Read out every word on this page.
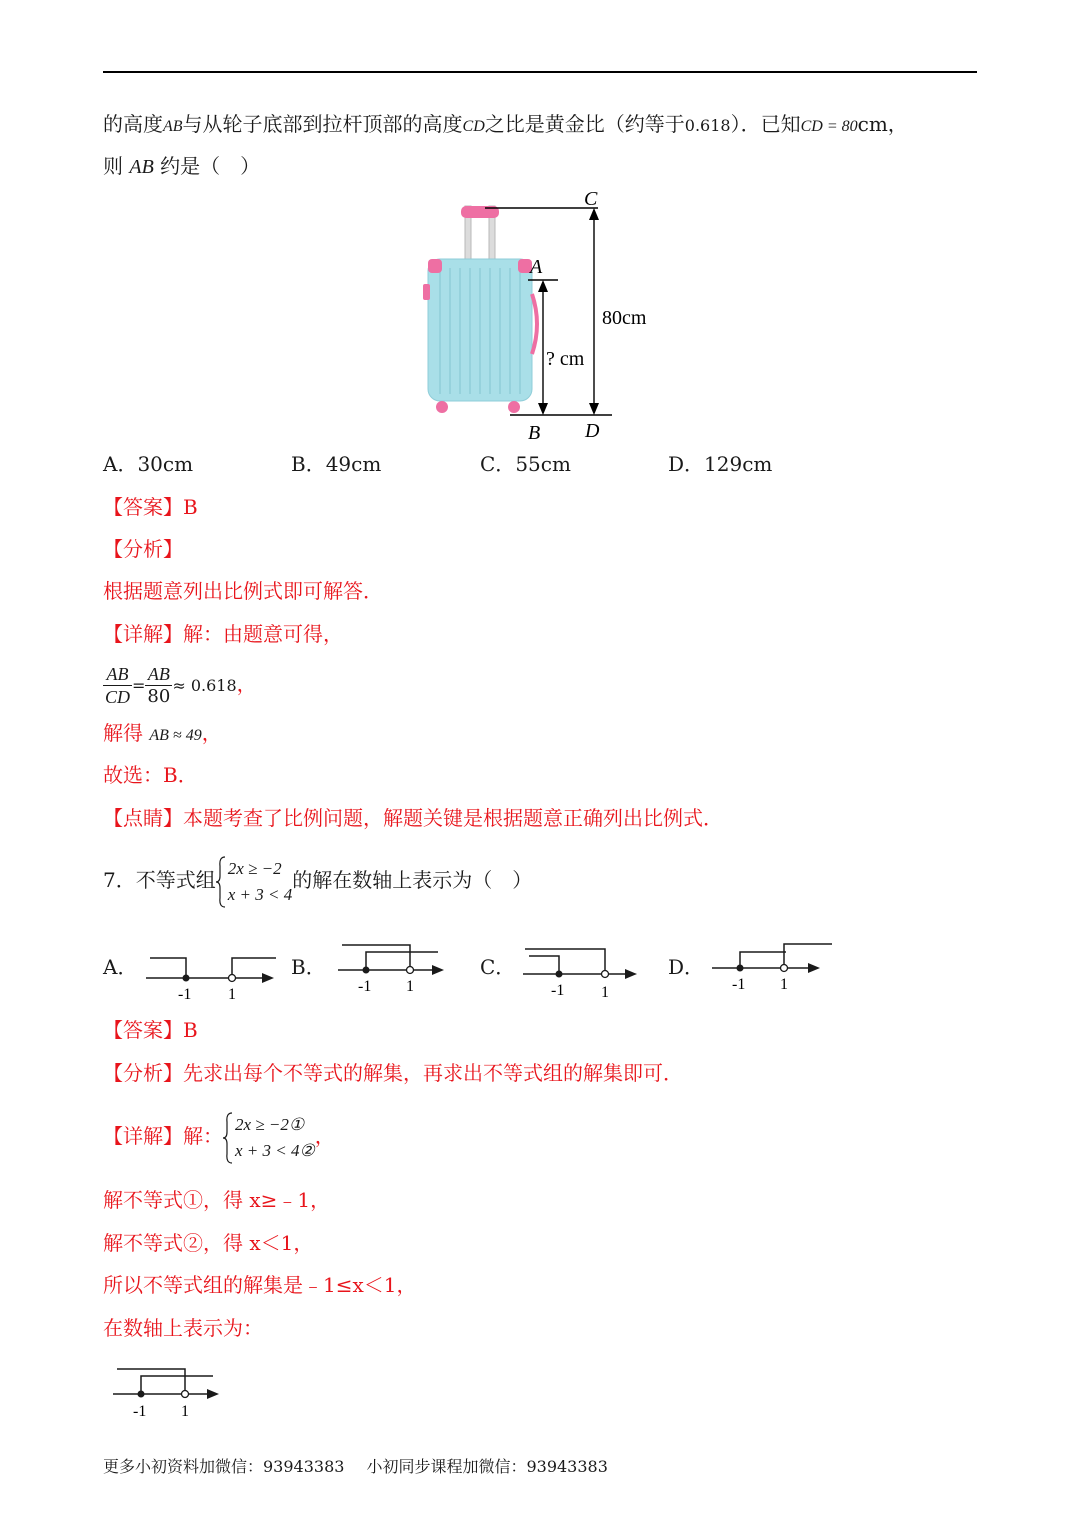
的高度AB与从轮子底部到拉杆顶部的高度CD之比是黄金比（约等于0.618）．已知CD = 80cm，
则 AB 约是（　）
C
A
B D
80cm
? cm
A．30cm	B．49cm	C．55cm	D．129cm
【答案】B
【分析】
根据题意列出比例式即可解答．
【详解】解：由题意可得，
$\frac{AB}{CD} = \frac{AB}{80} \approx 0.618$，
解得 AB ≈ 49，
故选：B．
【点睛】本题考查了比例问题，解题关键是根据题意正确列出比例式．
7．不等式组 2x ≥ −2
x + 3 < 4
的解在数轴上表示为（　）
A．
-1 1
B．
-1 1
C．
-1 1
D．
-1 1
【答案】B
【分析】先求出每个不等式的解集，再求出不等式组的解集即可．
【详解】解： 2x ≥ −2①
x + 3 < 4②
，
解不等式①，得 x≥﹣1，
解不等式②，得 x＜1，
所以不等式组的解集是﹣1≤x＜1，
在数轴上表示为：
-1 1
更多小初资料加微信：93943383 小初同步课程加微信：93943383
